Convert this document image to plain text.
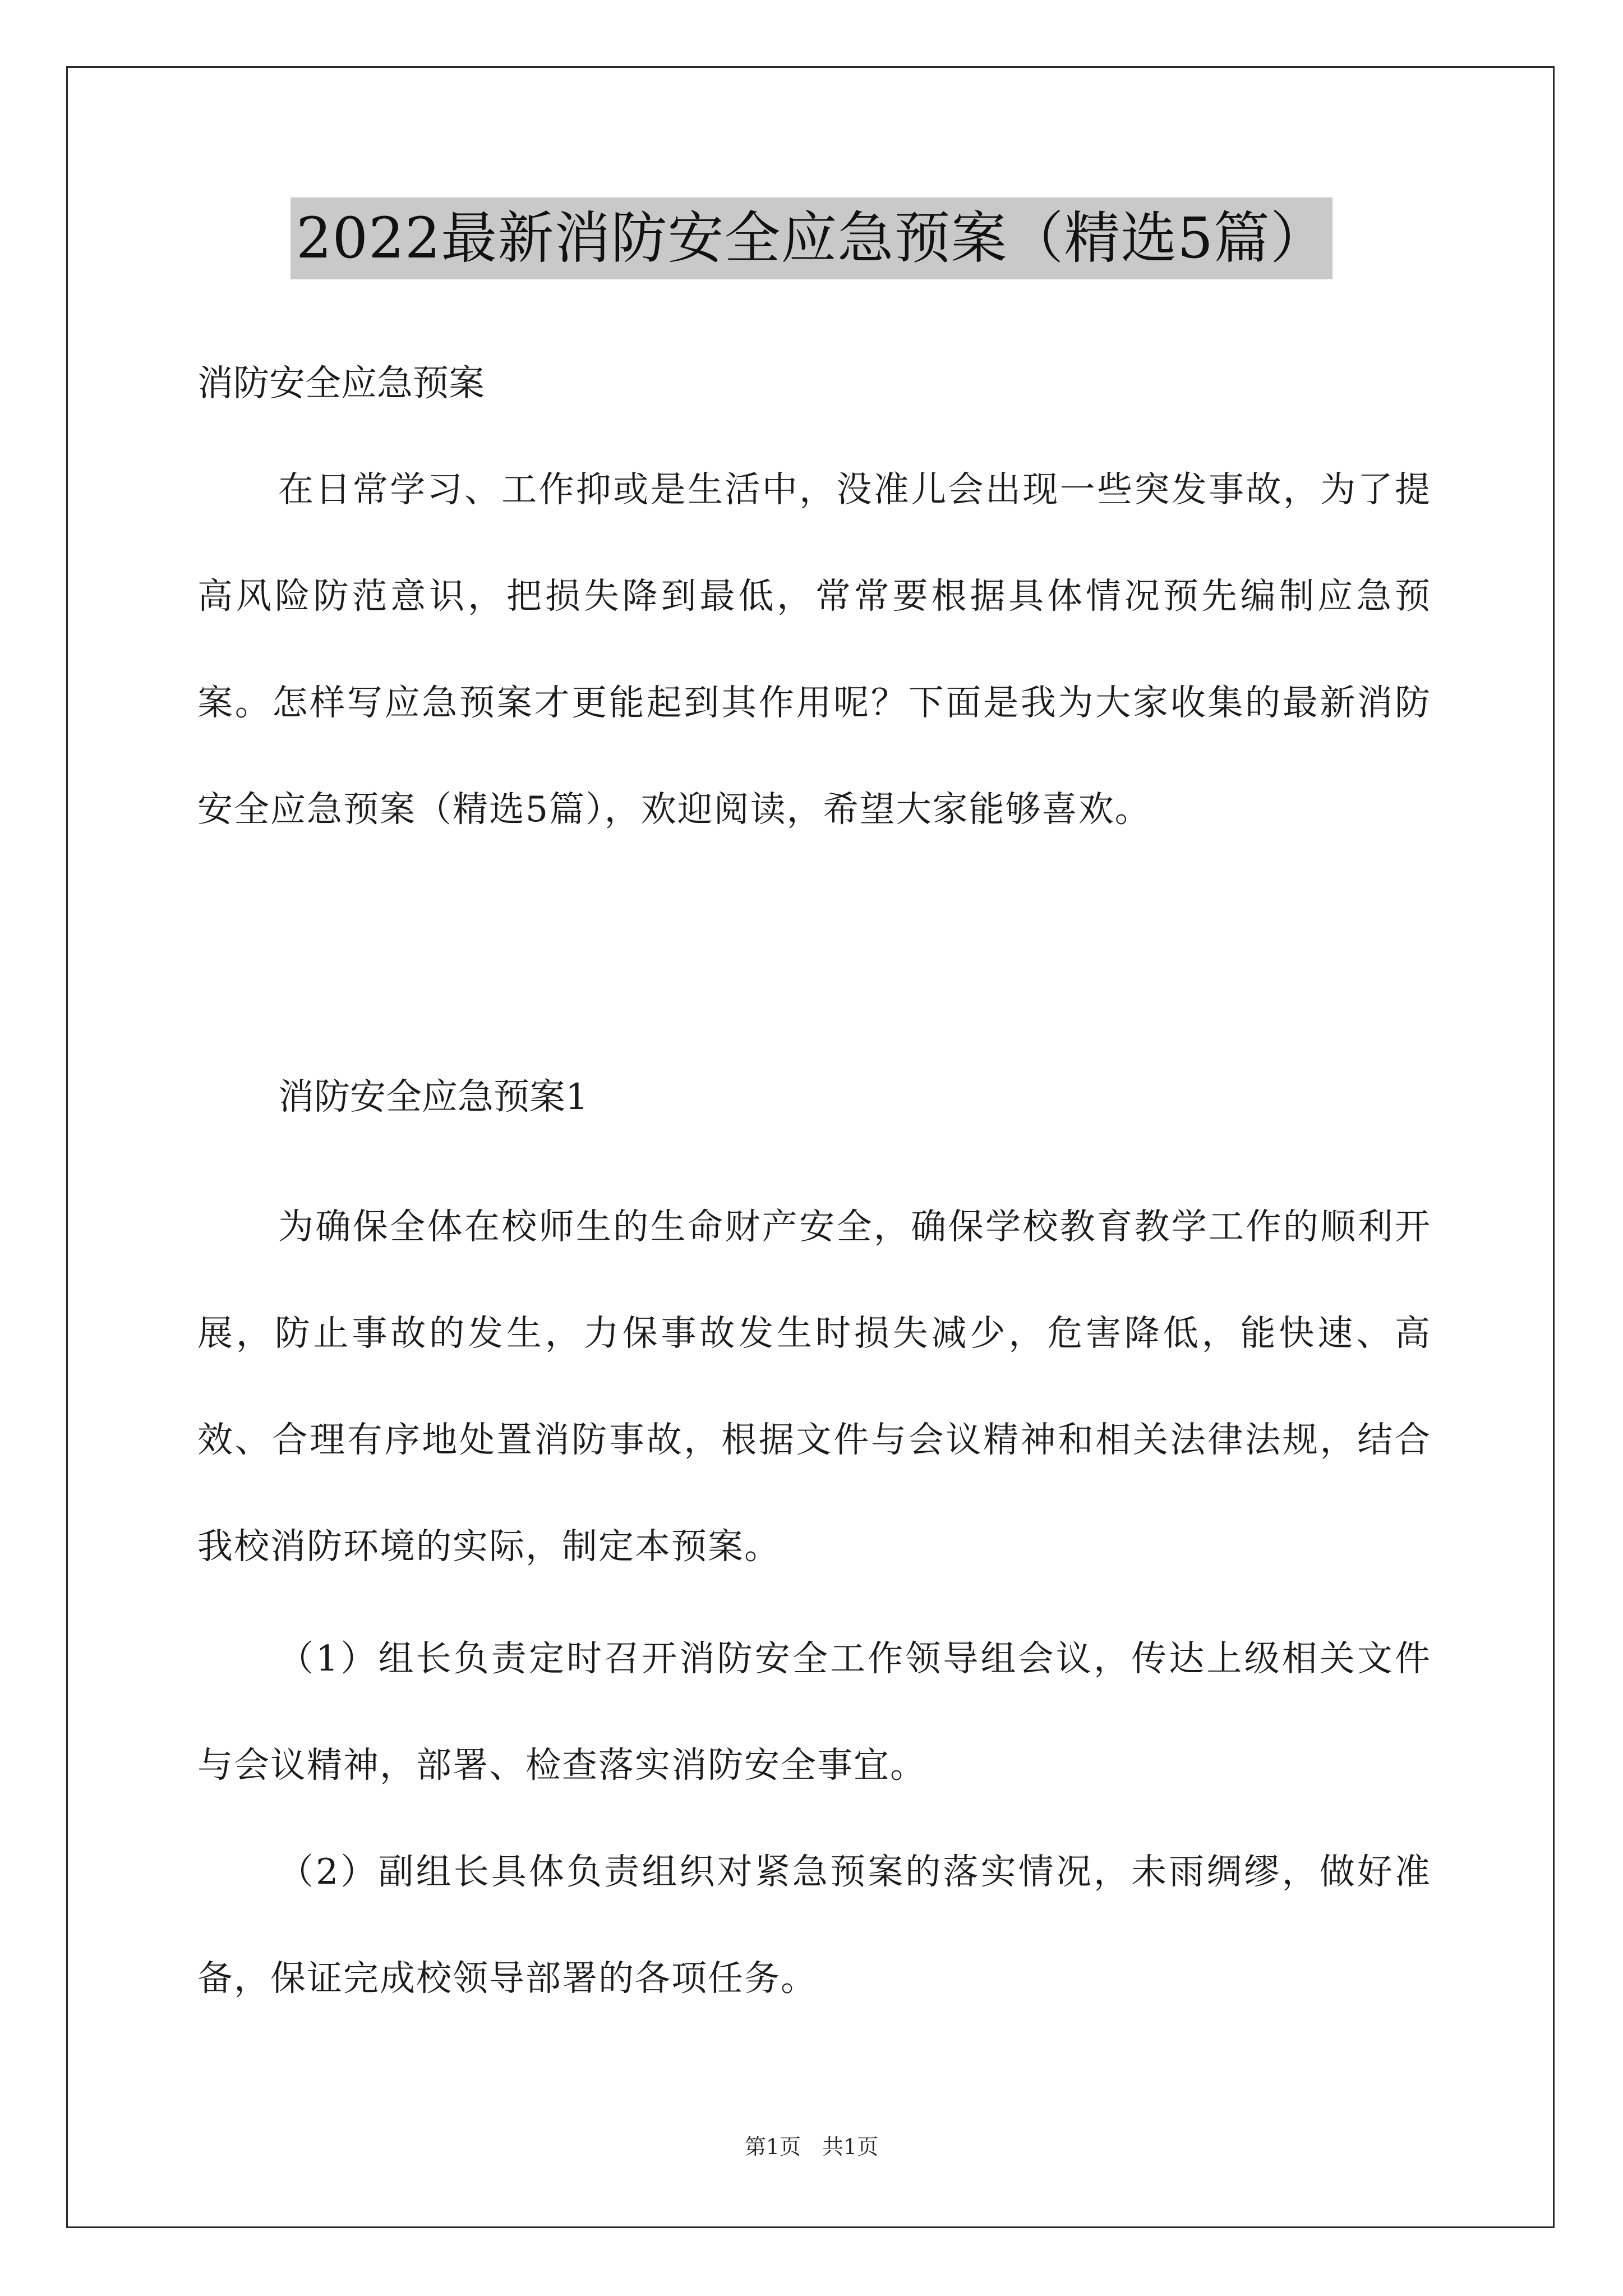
2022最新消防安全应急预案（精选5篇）
消防安全应急预案
在日常学习、工作抑或是生活中，没准儿会出现一些突发事故，为了提高风险防范意识，把损失降到最低，常常要根据具体情况预先编制应急预案。怎样写应急预案才更能起到其作用呢？下面是我为大家收集的最新消防安全应急预案（精选5篇），欢迎阅读，希望大家能够喜欢。
消防安全应急预案1
为确保全体在校师生的生命财产安全，确保学校教育教学工作的顺利开展，防止事故的发生，力保事故发生时损失减少，危害降低，能快速、高效、合理有序地处置消防事故，根据文件与会议精神和相关法律法规，结合我校消防环境的实际，制定本预案。
（1）组长负责定时召开消防安全工作领导组会议，传达上级相关文件与会议精神，部署、检查落实消防安全事宜。
（2）副组长具体负责组织对紧急预案的落实情况，未雨绸缪，做好准备，保证完成校领导部署的各项任务。
第1页　共1页
